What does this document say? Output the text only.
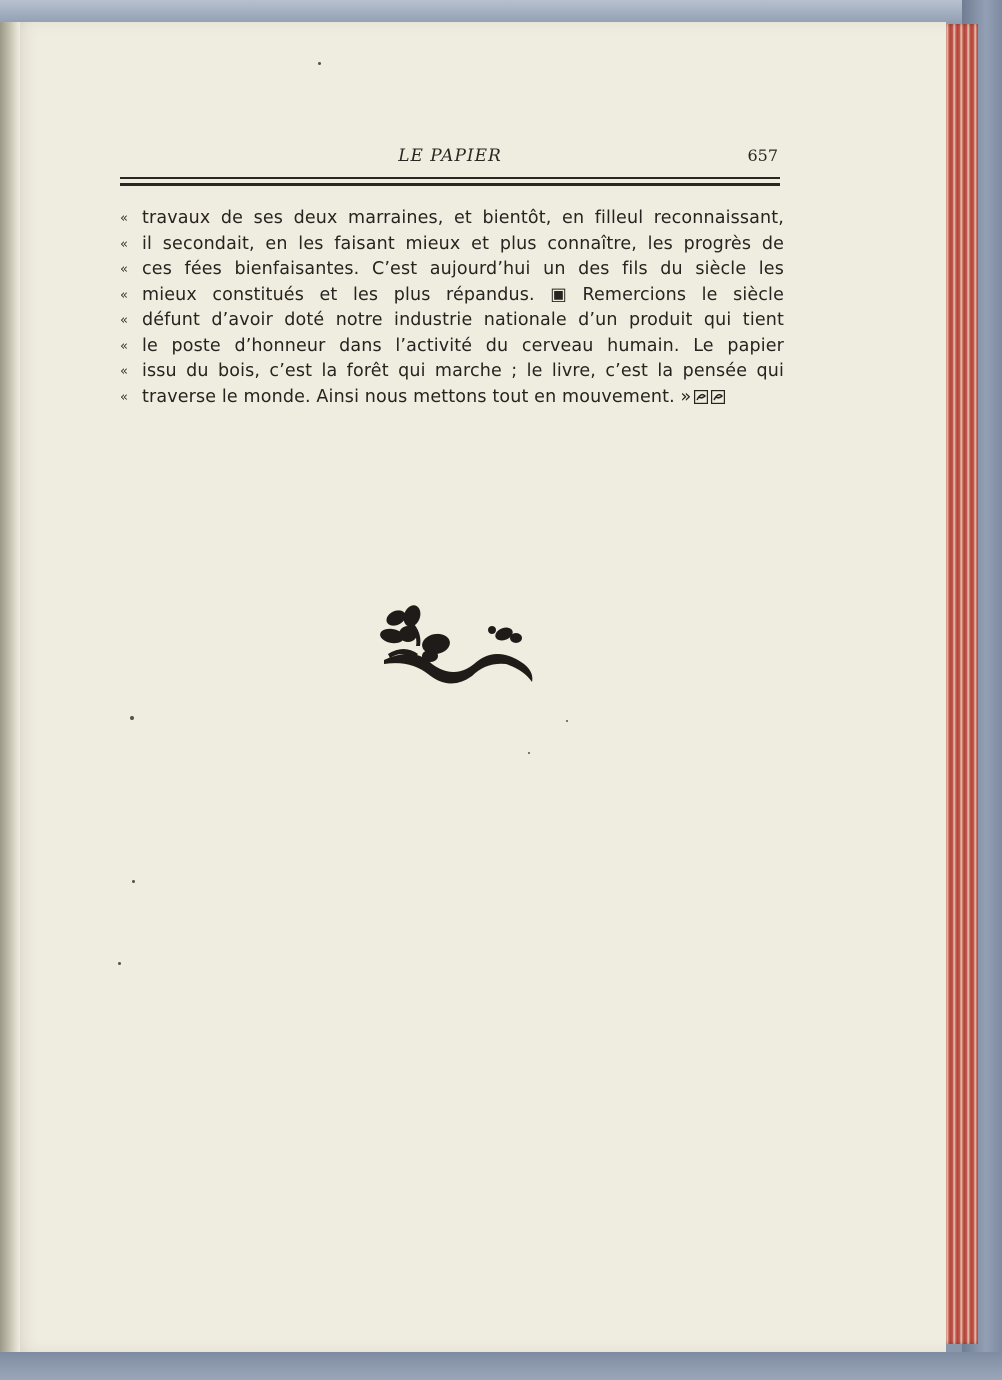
LE PAPIER	657
« travaux de ses deux marraines, et bientôt, en filleul reconnaissant,
« il secondait, en les faisant mieux et plus connaître, les progrès de
« ces fées bienfaisantes. C’est aujourd’hui un des fils du siècle les
« mieux constitués et les plus répandus. ▣ Remercions le siècle
« défunt d’avoir doté notre industrie nationale d’un produit qui tient
« le poste d’honneur dans l’activité du cerveau humain. Le papier
« issu du bois, c’est la forêt qui marche ; le livre, c’est la pensée qui
« traverse le monde. Ainsi nous mettons tout en mouvement. »
